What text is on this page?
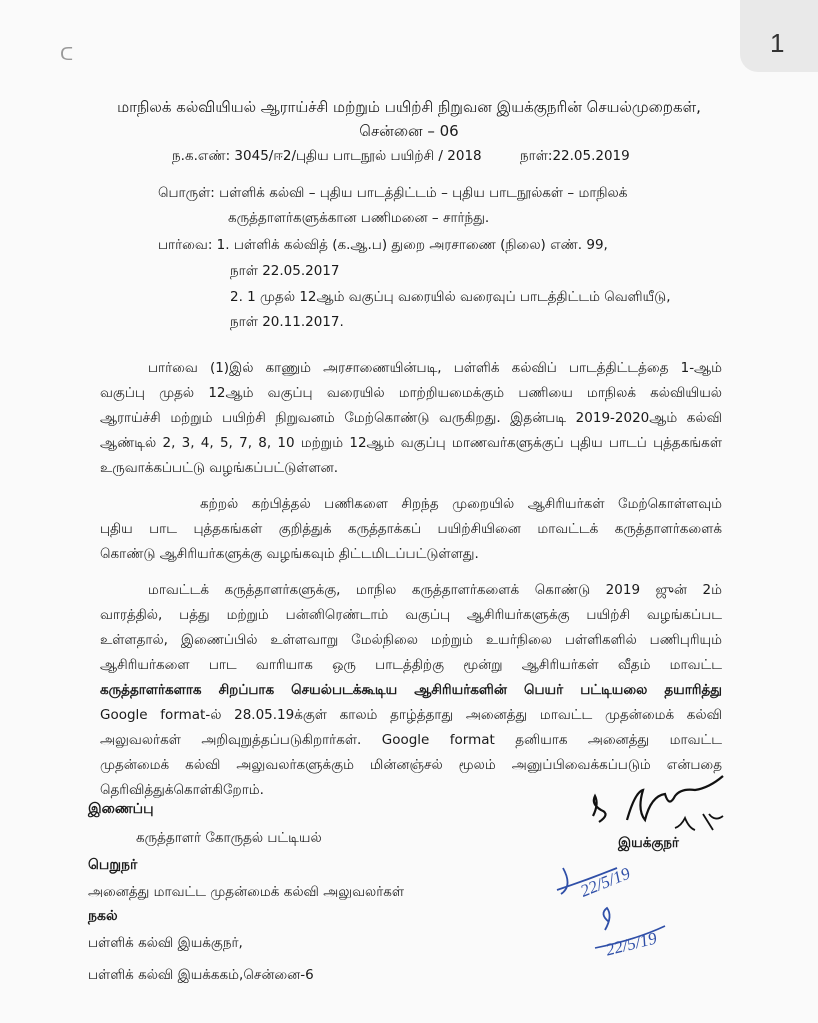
1
ᑕ
மாநிலக் கல்வியியல் ஆராய்ச்சி மற்றும் பயிற்சி நிறுவன இயக்குநரின் செயல்முறைகள்,
சென்னை – 06
ந.க.எண்: 3045/ஈ2/புதிய பாடநூல் பயிற்சி / 2018	நாள்:22.05.2019
பொருள்: பள்ளிக் கல்வி – புதிய பாடத்திட்டம் – புதிய பாடநூல்கள் – மாநிலக்
கருத்தாளர்களுக்கான பணிமனை – சார்ந்து.
பார்வை: 1. பள்ளிக் கல்வித் (க.ஆ.ப) துறை அரசாணை (நிலை) எண். 99,
நாள் 22.05.2017
2. 1 முதல் 12ஆம் வகுப்பு வரையில் வரைவுப் பாடத்திட்டம் வெளியீடு,
நாள் 20.11.2017.
பார்வை (1)இல் காணும் அரசாணையின்படி, பள்ளிக் கல்விப் பாடத்திட்டத்தை 1-ஆம்
வகுப்பு முதல் 12ஆம் வகுப்பு வரையில் மாற்றியமைக்கும் பணியை மாநிலக் கல்வியியல்
ஆராய்ச்சி மற்றும் பயிற்சி நிறுவனம் மேற்கொண்டு வருகிறது. இதன்படி 2019-2020ஆம் கல்வி
ஆண்டில் 2, 3, 4, 5, 7, 8, 10 மற்றும் 12ஆம் வகுப்பு மாணவர்களுக்குப் புதிய பாடப் புத்தகங்கள்
உருவாக்கப்பட்டு வழங்கப்பட்டுள்ளன.
கற்றல் கற்பித்தல் பணிகளை சிறந்த முறையில் ஆசிரியர்கள் மேற்கொள்ளவும்
புதிய பாட புத்தகங்கள் குறித்துக் கருத்தாக்கப் பயிற்சியினை மாவட்டக் கருத்தாளர்களைக்
கொண்டு ஆசிரியர்களுக்கு வழங்கவும் திட்டமிடப்பட்டுள்ளது.
மாவட்டக் கருத்தாளர்களுக்கு, மாநில கருத்தாளர்களைக் கொண்டு 2019 ஜுன் 2ம்
வாரத்தில், பத்து மற்றும் பன்னிரெண்டாம் வகுப்பு ஆசிரியர்களுக்கு பயிற்சி வழங்கப்பட
உள்ளதால், இணைப்பில் உள்ளவாறு மேல்நிலை மற்றும் உயர்நிலை பள்ளிகளில் பணிபுரியும்
ஆசிரியர்களை பாட வாரியாக ஒரு பாடத்திற்கு மூன்று ஆசிரியர்கள் வீதம் மாவட்ட
கருத்தாளர்களாக சிறப்பாக செயல்படக்கூடிய ஆசிரியர்களின் பெயர் பட்டியலை தயாரித்து
Google format-ல் 28.05.19க்குள் காலம் தாழ்த்தாது அனைத்து மாவட்ட முதன்மைக் கல்வி
அலுவலர்கள் அறிவுறுத்தப்படுகிறார்கள். Google format தனியாக அனைத்து மாவட்ட
முதன்மைக் கல்வி அலுவலர்களுக்கும் மின்னஞ்சல் மூலம் அனுப்பிவைக்கப்படும் என்பதை
தெரிவித்துக்கொள்கிறோம்.
இணைப்பு
கருத்தாளர் கோருதல் பட்டியல்
பெறுநர்
அனைத்து மாவட்ட முதன்மைக் கல்வி அலுவலர்கள்
நகல்
பள்ளிக் கல்வி இயக்குநர்,
பள்ளிக் கல்வி இயக்ககம்,சென்னை-6
இயக்குநர்
22/5/19
22/5/19
